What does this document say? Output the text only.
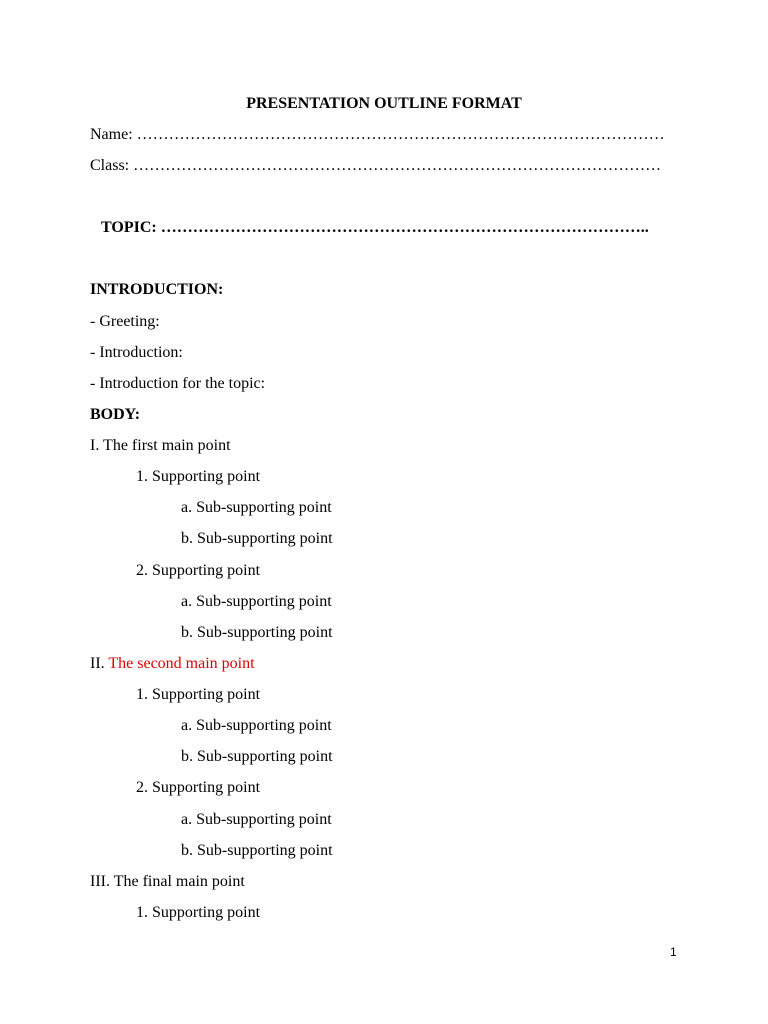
PRESENTATION OUTLINE FORMAT
Name: ………………………………………………………………………………………
Class: ………………………………………………………………………………………
TOPIC: ………………………………………………………………………………..
INTRODUCTION:
- Greeting:
- Introduction:
- Introduction for the topic:
BODY:
I. The first main point
1. Supporting point
a. Sub-supporting point
b. Sub-supporting point
2. Supporting point
a. Sub-supporting point
b. Sub-supporting point
II. The second main point
1. Supporting point
a. Sub-supporting point
b. Sub-supporting point
2. Supporting point
a. Sub-supporting point
b. Sub-supporting point
III. The final main point
1. Supporting point
1
